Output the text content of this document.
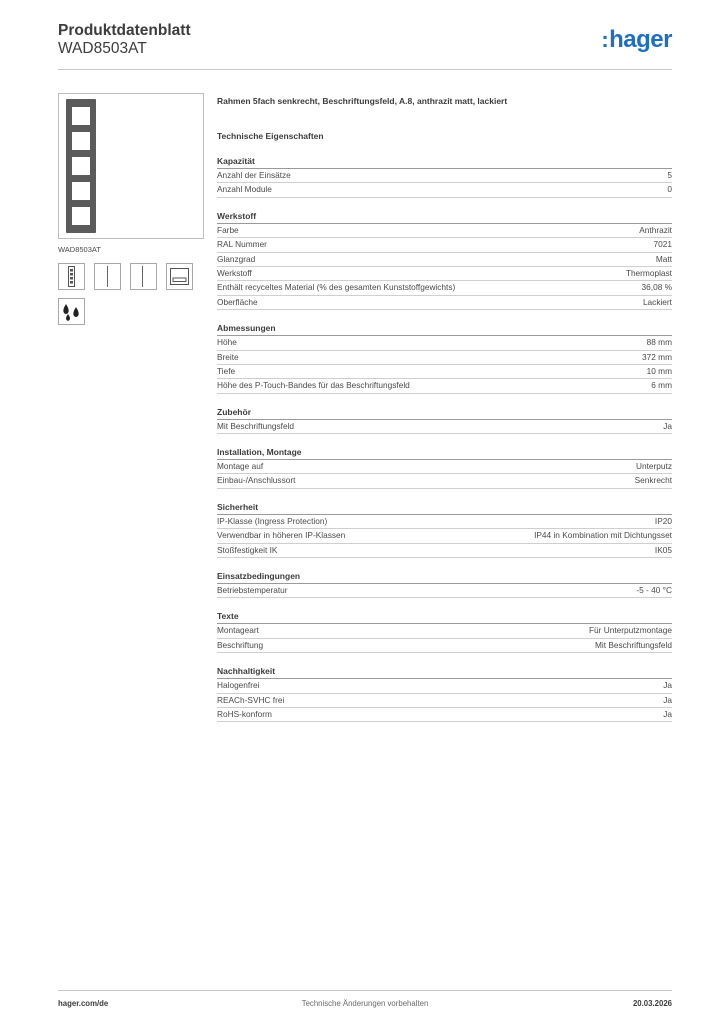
Produktdatenblatt
WAD8503AT	:hager
WAD8503AT
Rahmen 5fach senkrecht, Beschriftungsfeld, A.8, anthrazit matt, lackiert
Technische Eigenschaften
Kapazität
Anzahl der Einsätze	5
Anzahl Module	0
Werkstoff
Farbe	Anthrazit
RAL Nummer	7021
Glanzgrad	Matt
Werkstoff	Thermoplast
Enthält recyceltes Material (% des gesamten Kunststoffgewichts)	36,08 %
Oberfläche	Lackiert
Abmessungen
Höhe	88 mm
Breite	372 mm
Tiefe	10 mm
Höhe des P-Touch-Bandes für das Beschriftungsfeld	6 mm
Zubehör
Mit Beschriftungsfeld	Ja
Installation, Montage
Montage auf	Unterputz
Einbau-/Anschlussort	Senkrecht
Sicherheit
IP-Klasse (Ingress Protection)	IP20
Verwendbar in höheren IP-Klassen	IP44 in Kombination mit Dichtungsset
Stoßfestigkeit IK	IK05
Einsatzbedingungen
Betriebstemperatur	-5 - 40 °C
Texte
Montageart	Für Unterputzmontage
Beschriftung	Mit Beschriftungsfeld
Nachhaltigkeit
Halogenfrei	Ja
REACh-SVHC frei	Ja
RoHS-konform	Ja
hager.com/de	Technische Änderungen vorbehalten	20.03.2026
